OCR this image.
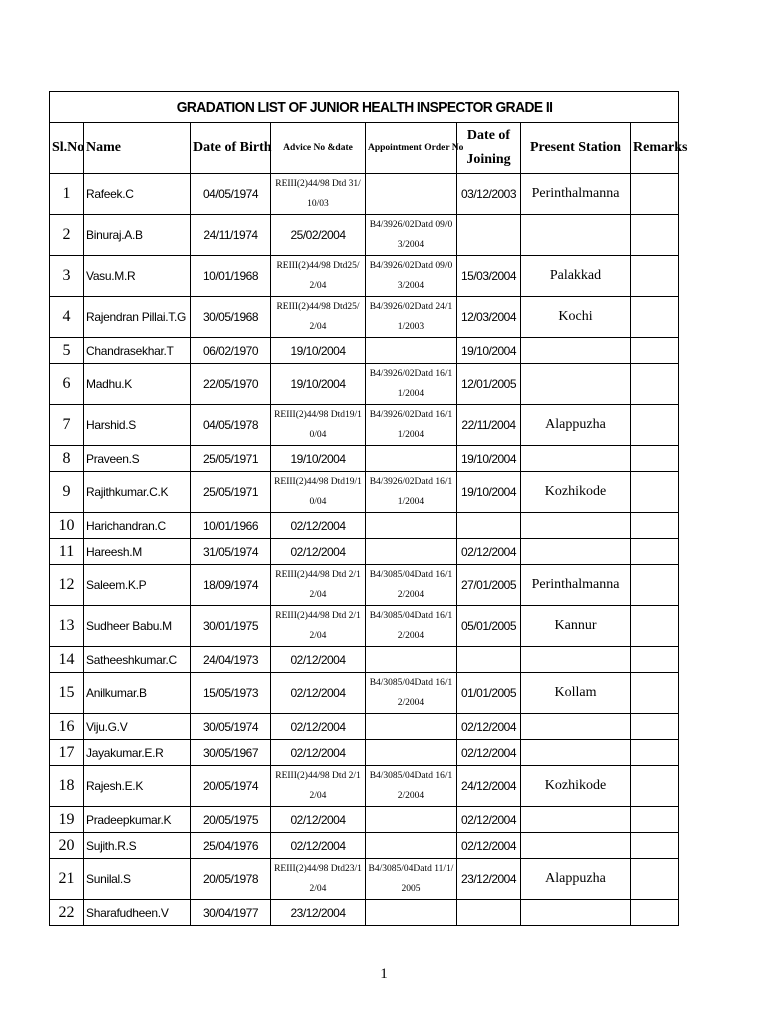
GRADATION LIST OF JUNIOR HEALTH INSPECTOR GRADE II							
Sl.No	Name	Date of Birth	Advice No &date	Appointment Order No	Date of Joining	Present Station	Remarks
1	Rafeek.C	04/05/1974	REIII(2)44/98 Dtd 31/10/03		03/12/2003	Perinthalmanna	
2	Binuraj.A.B	24/11/1974	25/02/2004	B4/3926/02Datd 09/03/2004			
3	Vasu.M.R	10/01/1968	REIII(2)44/98 Dtd25/2/04	B4/3926/02Datd 09/03/2004	15/03/2004	Palakkad	
4	Rajendran Pillai.T.G	30/05/1968	REIII(2)44/98 Dtd25/2/04	B4/3926/02Datd 24/11/2003	12/03/2004	Kochi	
5	Chandrasekhar.T	06/02/1970	19/10/2004		19/10/2004		
6	Madhu.K	22/05/1970	19/10/2004	B4/3926/02Datd 16/11/2004	12/01/2005		
7	Harshid.S	04/05/1978	REIII(2)44/98 Dtd19/10/04	B4/3926/02Datd 16/11/2004	22/11/2004	Alappuzha	
8	Praveen.S	25/05/1971	19/10/2004		19/10/2004		
9	Rajithkumar.C.K	25/05/1971	REIII(2)44/98 Dtd19/10/04	B4/3926/02Datd 16/11/2004	19/10/2004	Kozhikode	
10	Harichandran.C	10/01/1966	02/12/2004				
11	Hareesh.M	31/05/1974	02/12/2004		02/12/2004		
12	Saleem.K.P	18/09/1974	REIII(2)44/98 Dtd 2/12/04	B4/3085/04Datd 16/12/2004	27/01/2005	Perinthalmanna	
13	Sudheer Babu.M	30/01/1975	REIII(2)44/98 Dtd 2/12/04	B4/3085/04Datd 16/12/2004	05/01/2005	Kannur	
14	Satheeshkumar.C	24/04/1973	02/12/2004				
15	Anilkumar.B	15/05/1973	02/12/2004	B4/3085/04Datd 16/12/2004	01/01/2005	Kollam	
16	Viju.G.V	30/05/1974	02/12/2004		02/12/2004		
17	Jayakumar.E.R	30/05/1967	02/12/2004		02/12/2004		
18	Rajesh.E.K	20/05/1974	REIII(2)44/98 Dtd 2/12/04	B4/3085/04Datd 16/12/2004	24/12/2004	Kozhikode	
19	Pradeepkumar.K	20/05/1975	02/12/2004		02/12/2004		
20	Sujith.R.S	25/04/1976	02/12/2004		02/12/2004		
21	Sunilal.S	20/05/1978	REIII(2)44/98 Dtd23/12/04	B4/3085/04Datd 11/1/2005	23/12/2004	Alappuzha	
22	Sharafudheen.V	30/04/1977	23/12/2004				
1
